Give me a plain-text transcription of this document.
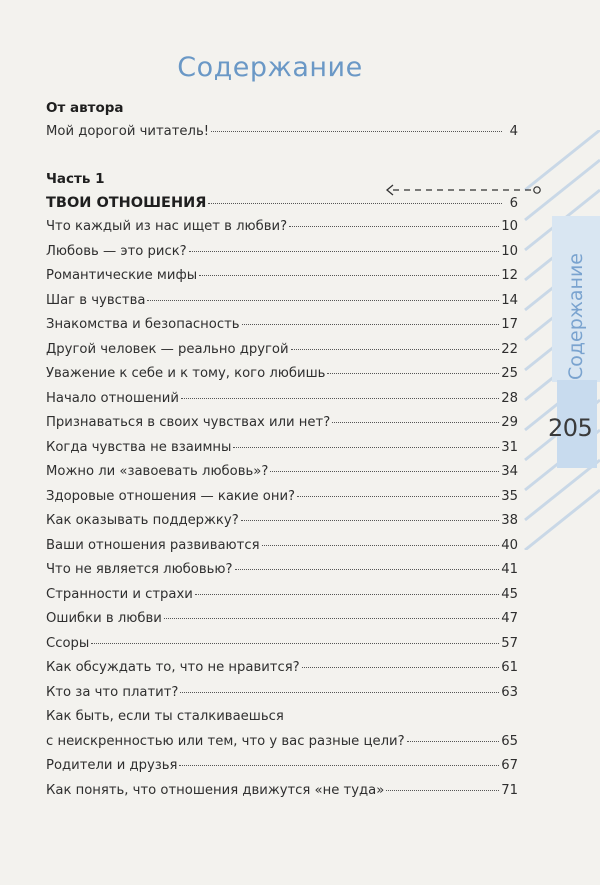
Содержание
Содержание
205
От автора
Мой дорогой читатель!	4
Часть 1
ТВОИ ОТНОШЕНИЯ	6
Что каждый из нас ищет в любви?	10
Любовь — это риск?	10
Романтические мифы	12
Шаг в чувства	14
Знакомства и безопасность	17
Другой человек — реально другой	22
Уважение к себе и к тому, кого любишь	25
Начало отношений	28
Признаваться в своих чувствах или нет?	29
Когда чувства не взаимны	31
Можно ли «завоевать любовь»?	34
Здоровые отношения — какие они?	35
Как оказывать поддержку?	38
Ваши отношения развиваются	40
Что не является любовью?	41
Странности и страхи	45
Ошибки в любви	47
Ссоры	57
Как обсуждать то, что не нравится?	61
Кто за что платит?	63
Как быть, если ты сталкиваешься
с неискренностью или тем, что у вас разные цели?	65
Родители и друзья	67
Как понять, что отношения движутся «не туда»	71
